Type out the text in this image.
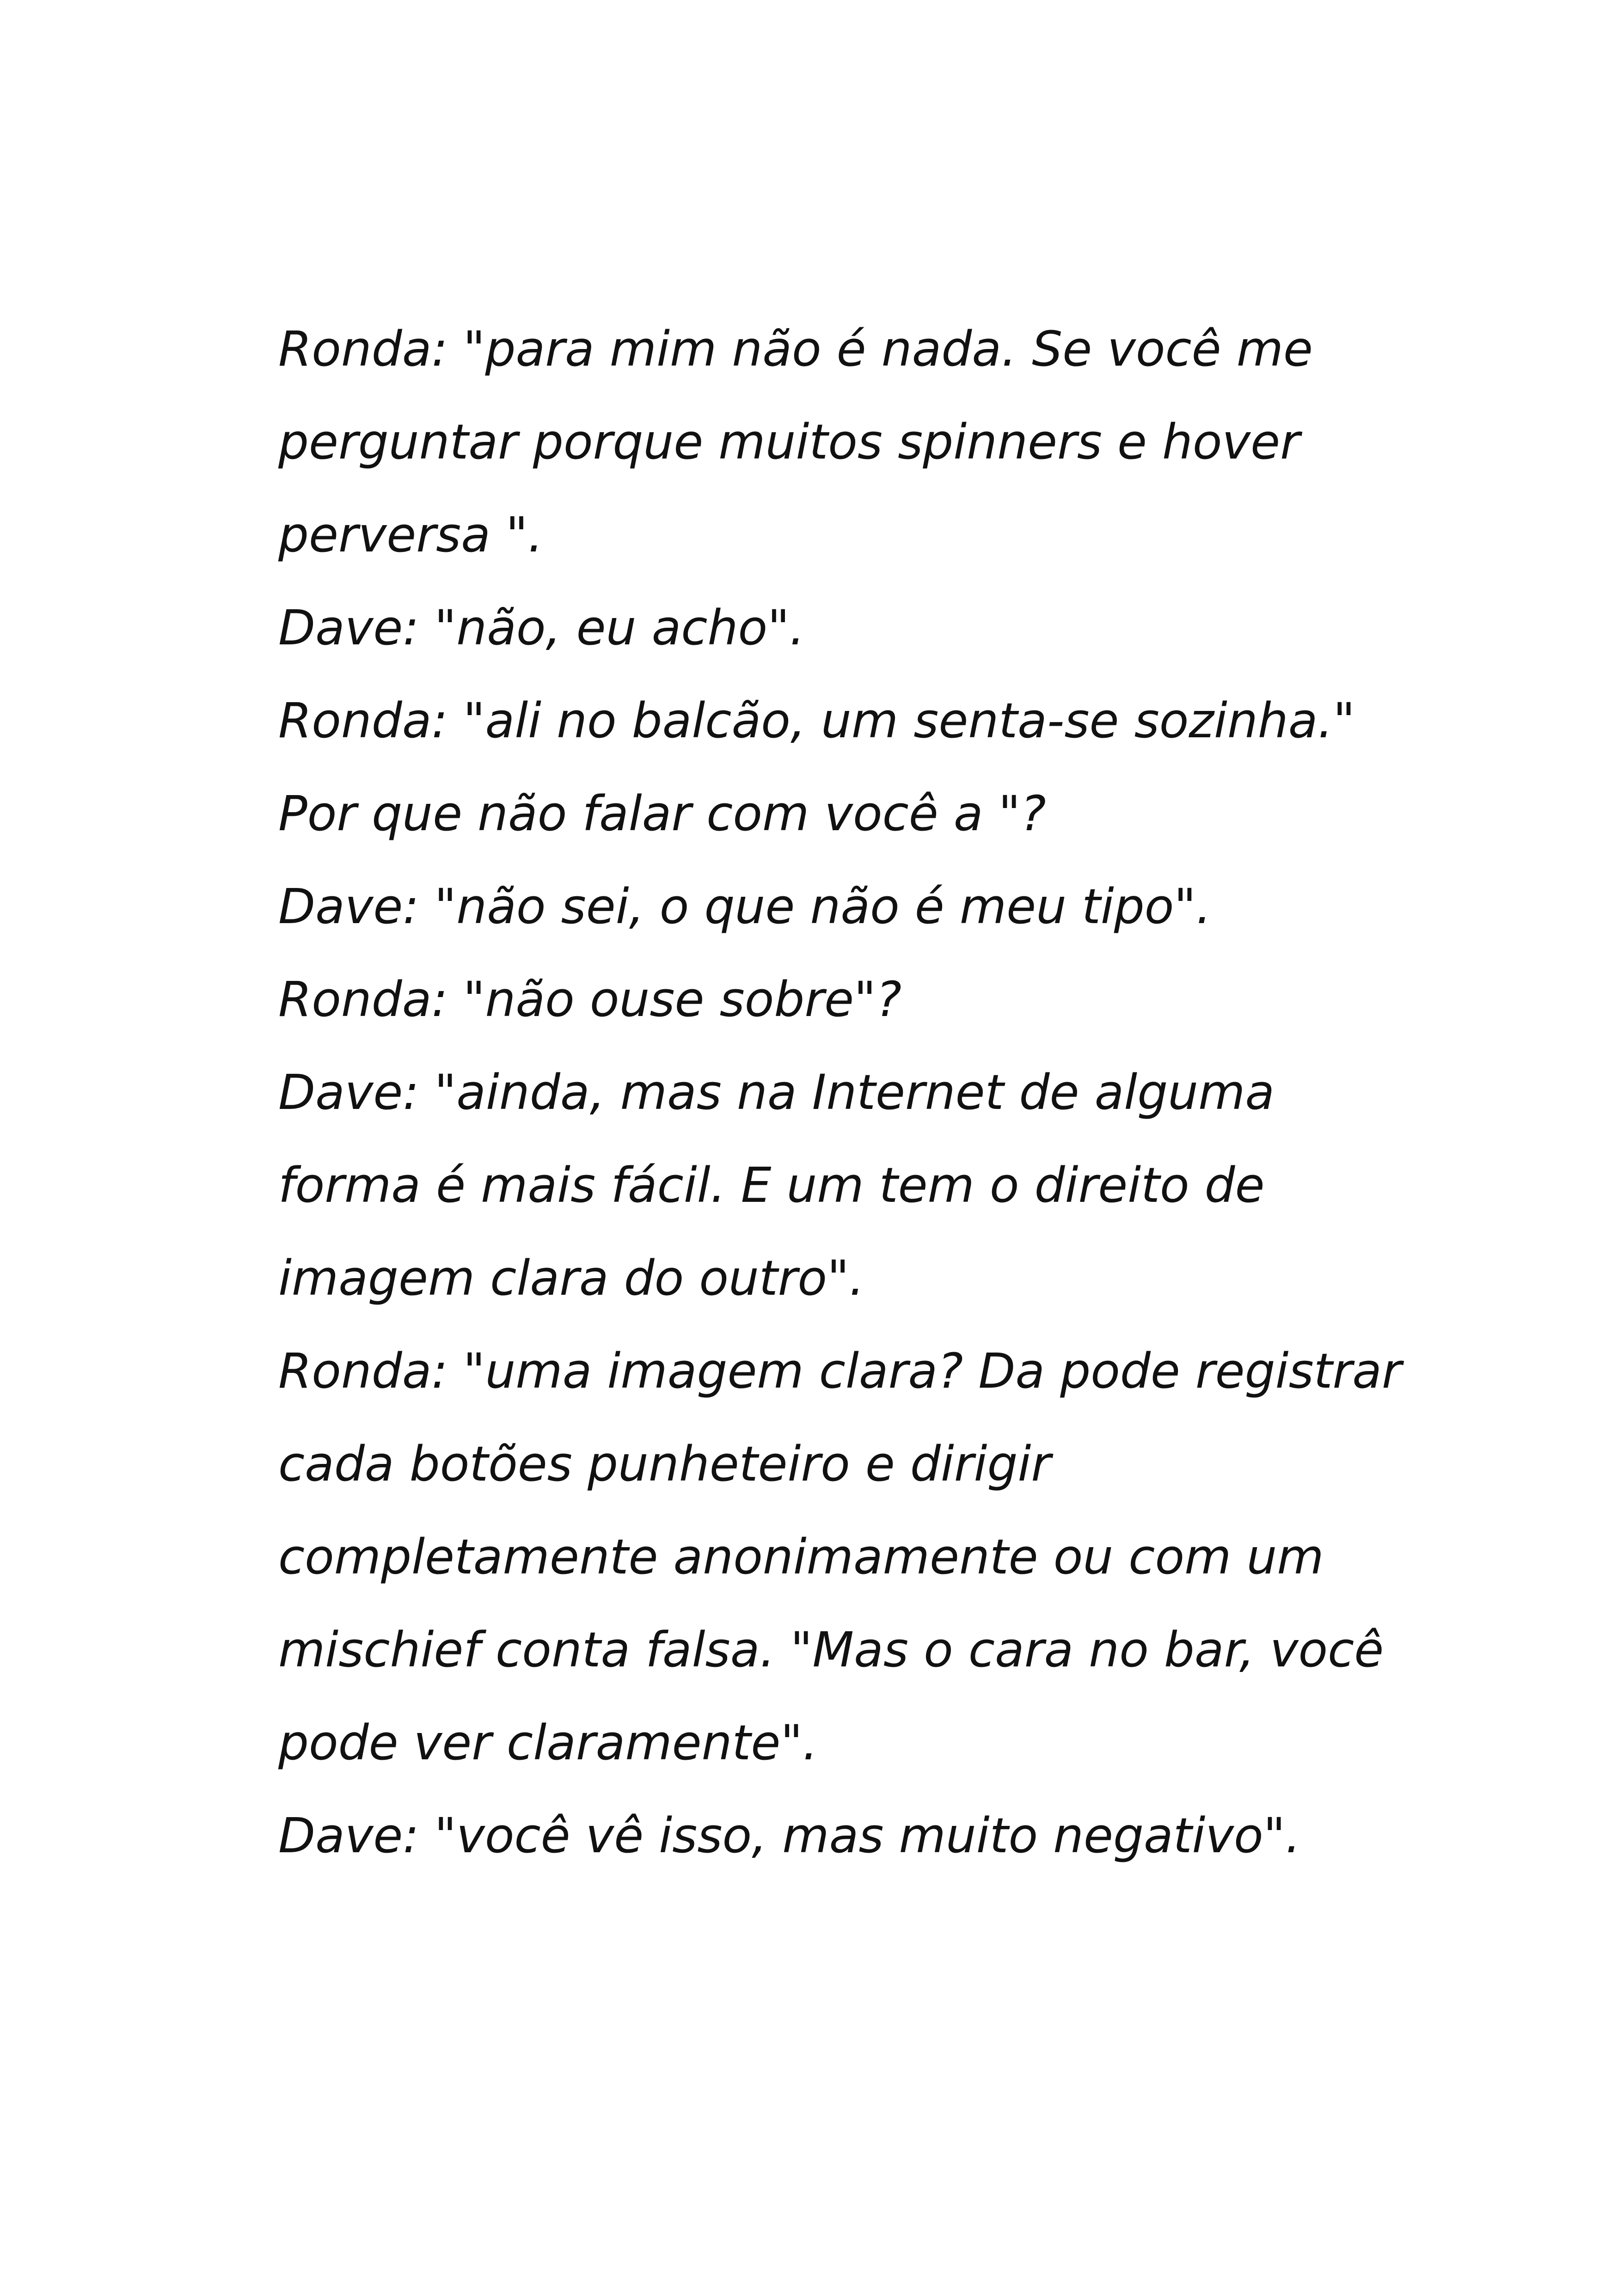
Ronda: "para mim não é nada. Se você me
perguntar porque muitos spinners e hover
perversa ".
Dave: "não, eu acho".
Ronda: "ali no balcão, um senta-se sozinha."
Por que não falar com você a "?
Dave: "não sei, o que não é meu tipo".
Ronda: "não ouse sobre"?
Dave: "ainda, mas na Internet de alguma
forma é mais fácil. E um tem o direito de
imagem clara do outro".
Ronda: "uma imagem clara? Da pode registrar
cada botões punheteiro e dirigir
completamente anonimamente ou com um
mischief conta falsa. "Mas o cara no bar, você
pode ver claramente".
Dave: "você vê isso, mas muito negativo".
